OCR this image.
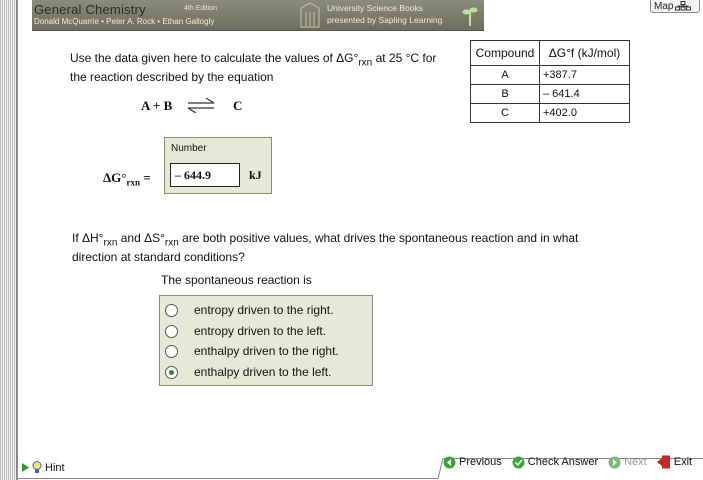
General Chemistry	4th Edition
Donald McQuarrie • Peter A. Rock • Ethan Gallogly
University Science Books
presented by Sapling Learning
Map
Use the data given here to calculate the values of $\Delta G^\circ_{rxn}$ at 25 °C for the reaction described by the equation
A + B ⇌ C
Compound	ΔG°f (kJ/mol)
A	+387.7
B	– 641.4
C	+402.0
$\Delta G^\circ_{rxn}$ =
Number
– 644.9	kJ
If $\Delta H^\circ_{rxn}$ and $\Delta S^\circ_{rxn}$ are both positive values, what drives the spontaneous reaction and in what direction at standard conditions?
The spontaneous reaction is
entropy driven to the right.
entropy driven to the left.
enthalpy driven to the right.
enthalpy driven to the left.
Hint	Previous Check Answer Next Exit
